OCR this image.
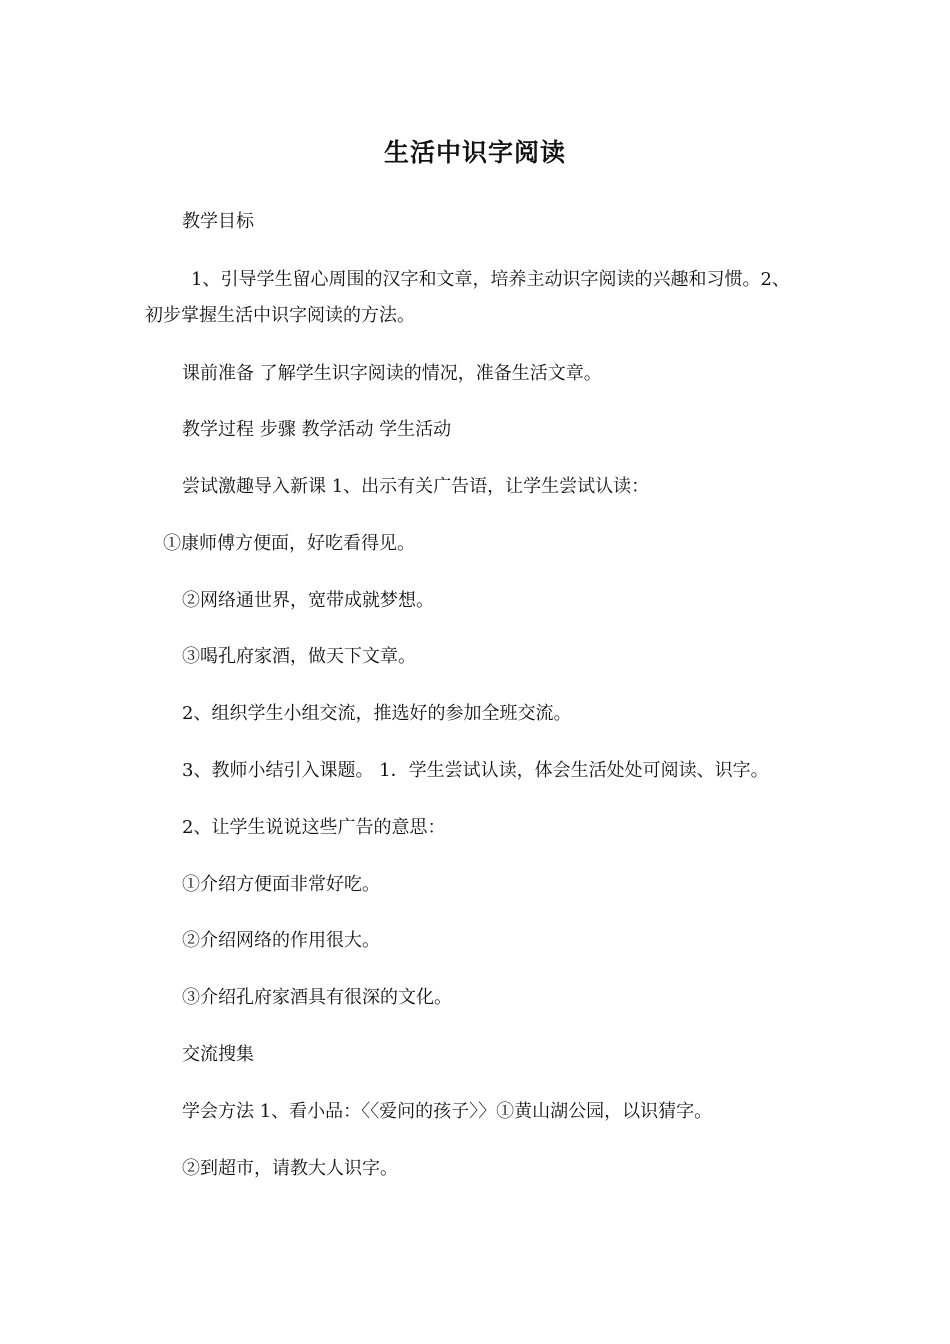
生活中识字阅读
教学目标
1、引导学生留心周围的汉字和文章，培养主动识字阅读的兴趣和习惯。2、
初步掌握生活中识字阅读的方法。
课前准备 了解学生识字阅读的情况，准备生活文章。
教学过程 步骤 教学活动 学生活动
尝试激趣导入新课 1、出示有关广告语，让学生尝试认读：
①康师傅方便面，好吃看得见。
②网络通世界，宽带成就梦想。
③喝孔府家酒，做天下文章。
2、组织学生小组交流，推选好的参加全班交流。
3、教师小结引入课题。 1．学生尝试认读，体会生活处处可阅读、识字。
2、让学生说说这些广告的意思：
①介绍方便面非常好吃。
②介绍网络的作用很大。
③介绍孔府家酒具有很深的文化。
交流搜集
学会方法 1、看小品：〈〈爱问的孩子〉〉①黄山湖公园，以识猜字。
②到超市，请教大人识字。
